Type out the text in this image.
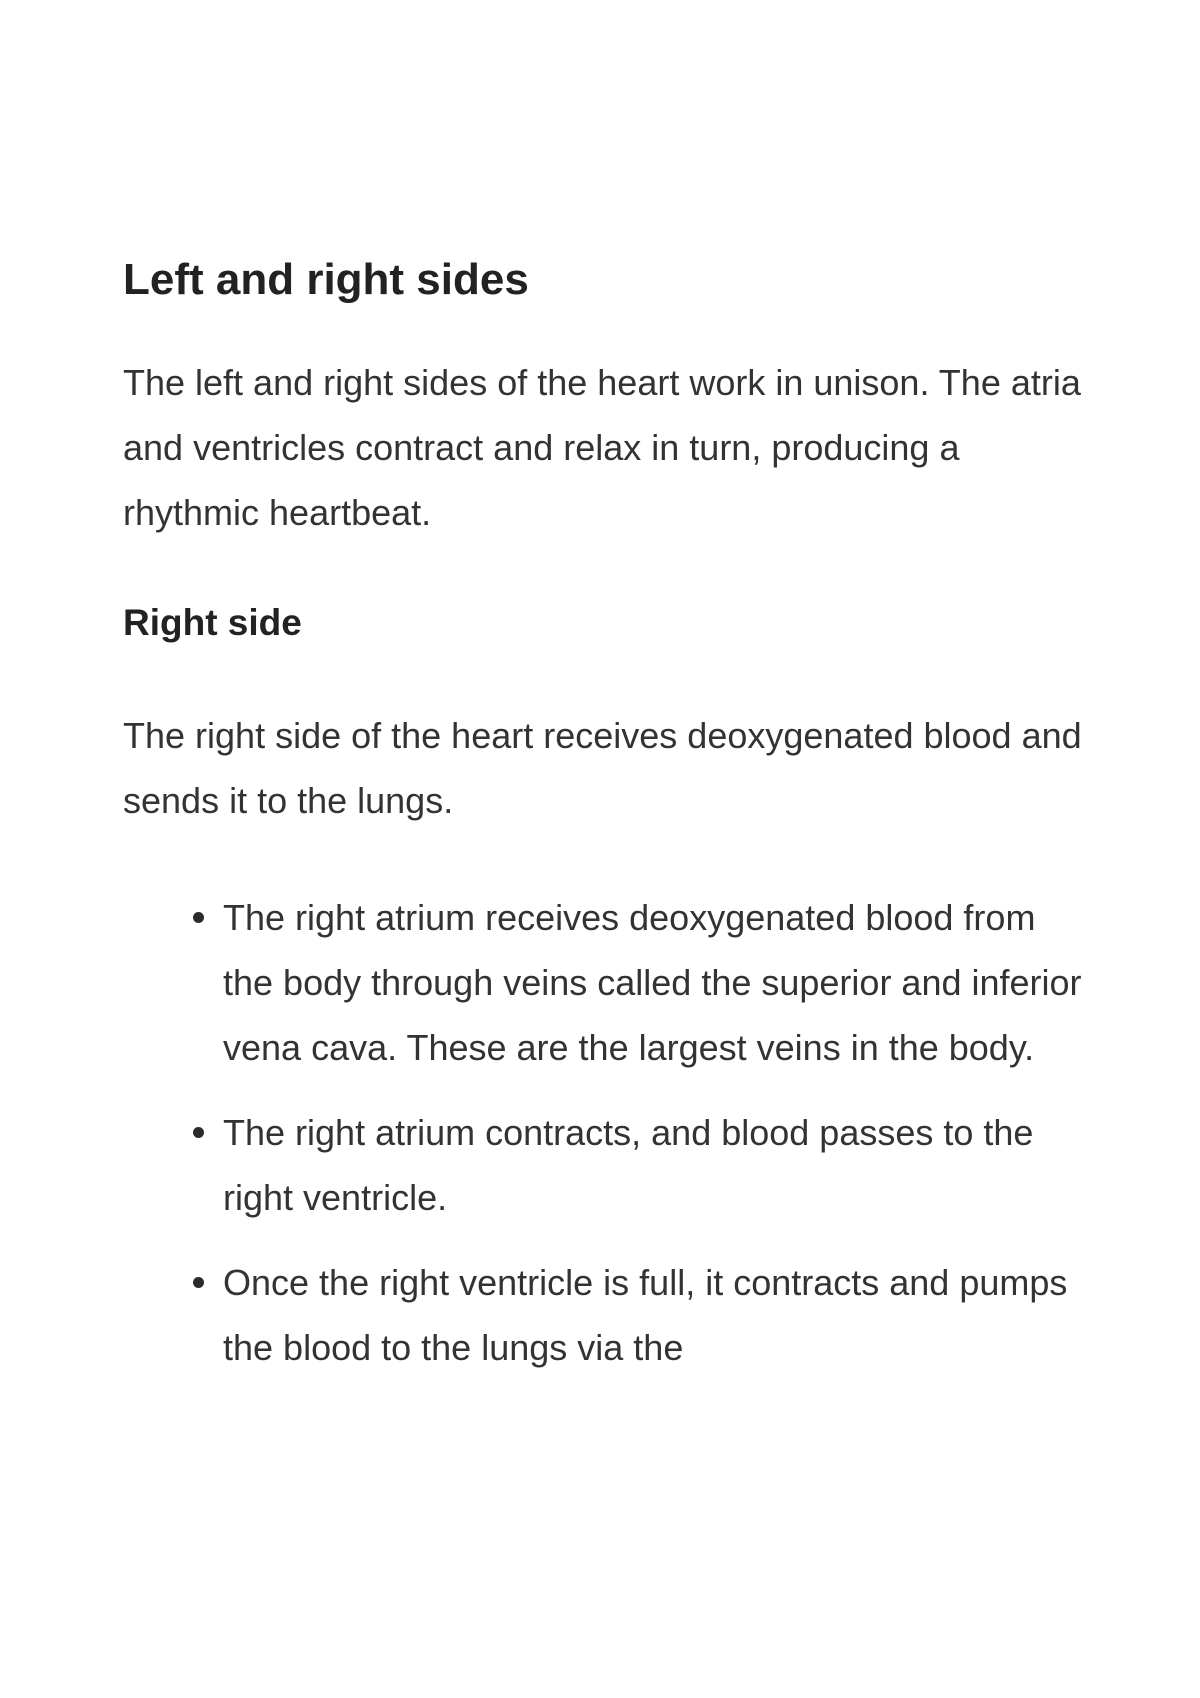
Left and right sides

The left and right sides of the heart work in unison. The atria and ventricles contract and relax in turn, producing a rhythmic heartbeat.

Right side

The right side of the heart receives deoxygenated blood and sends it to the lungs.

The right atrium receives deoxygenated blood from the body through veins called the superior and inferior vena cava. These are the largest veins in the body.
The right atrium contracts, and blood passes to the right ventricle.
Once the right ventricle is full, it contracts and pumps the blood to the lungs via the
